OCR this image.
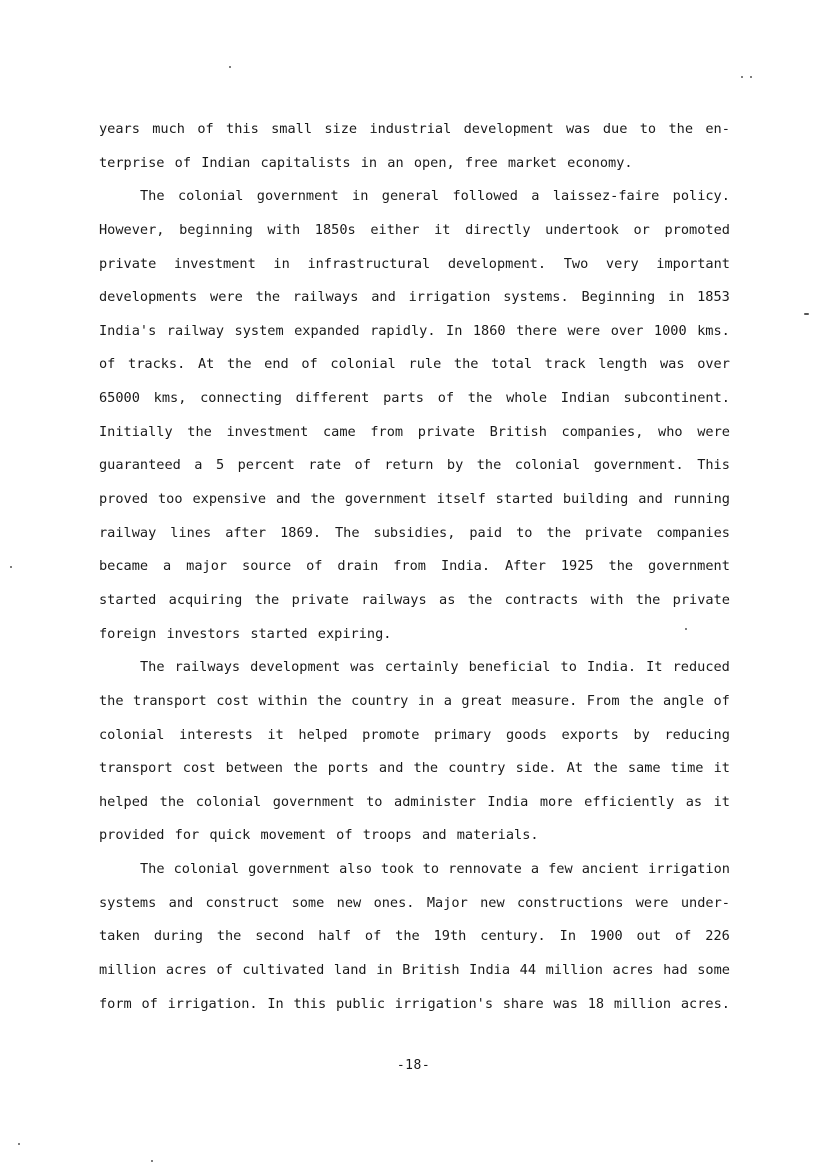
years much of this small size industrial development was due to the en-
terprise of Indian capitalists in an open, free market economy.
The colonial government in general followed a laissez-faire policy.
However, beginning with 1850s either it directly undertook or promoted
private investment in infrastructural development. Two very important
developments were the railways and irrigation systems. Beginning in 1853
India's railway system expanded rapidly. In 1860 there were over 1000 kms.
of tracks. At the end of colonial rule the total track length was over
65000 kms, connecting different parts of the whole Indian subcontinent.
Initially the investment came from private British companies, who were
guaranteed a 5 percent rate of return by the colonial government. This
proved too expensive and the government itself started building and running
railway lines after 1869. The subsidies, paid to the private companies
became a major source of drain from India. After 1925 the government
started acquiring the private railways as the contracts with the private
foreign investors started expiring.
The railways development was certainly beneficial to India. It reduced
the transport cost within the country in a great measure. From the angle of
colonial interests it helped promote primary goods exports by reducing
transport cost between the ports and the country side. At the same time it
helped the colonial government to administer India more efficiently as it
provided for quick movement of troops and materials.
The colonial government also took to rennovate a few ancient irrigation
systems and construct some new ones. Major new constructions were under-
taken during the second half of the 19th century. In 1900 out of 226
million acres of cultivated land in British India 44 million acres had some
form of irrigation. In this public irrigation's share was 18 million acres.
-18-
